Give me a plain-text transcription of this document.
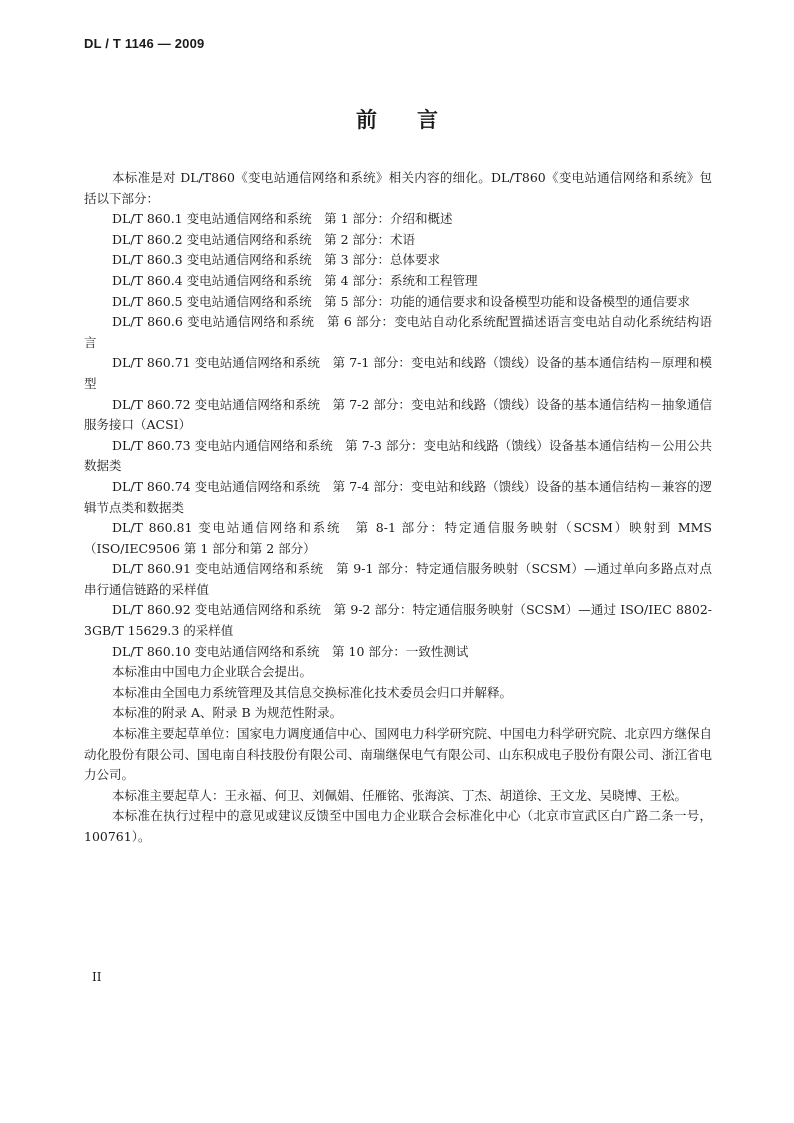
DL / T 1146 — 2009
前言

本标准是对 DL/T860《变电站通信网络和系统》相关内容的细化。DL/T860《变电站通信网络和系统》包括以下部分：

DL/T 860.1 变电站通信网络和系统　第 1 部分：介绍和概述

DL/T 860.2 变电站通信网络和系统　第 2 部分：术语

DL/T 860.3 变电站通信网络和系统　第 3 部分：总体要求

DL/T 860.4 变电站通信网络和系统　第 4 部分：系统和工程管理

DL/T 860.5 变电站通信网络和系统　第 5 部分：功能的通信要求和设备模型功能和设备模型的通信要求

DL/T 860.6 变电站通信网络和系统　第 6 部分：变电站自动化系统配置描述语言变电站自动化系统结构语言

DL/T 860.71 变电站通信网络和系统　第 7-1 部分：变电站和线路（馈线）设备的基本通信结构－原理和模型

DL/T 860.72 变电站通信网络和系统　第 7-2 部分：变电站和线路（馈线）设备的基本通信结构－抽象通信服务接口（ACSI）

DL/T 860.73 变电站内通信网络和系统　第 7-3 部分：变电站和线路（馈线）设备基本通信结构－公用公共数据类

DL/T 860.74 变电站通信网络和系统　第 7-4 部分：变电站和线路（馈线）设备的基本通信结构－兼容的逻辑节点类和数据类

DL/T 860.81 变电站通信网络和系统　第 8-1 部分：特定通信服务映射（SCSM）映射到 MMS（ISO/IEC9506 第 1 部分和第 2 部分）

DL/T 860.91 变电站通信网络和系统　第 9-1 部分：特定通信服务映射（SCSM）—通过单向多路点对点串行通信链路的采样值

DL/T 860.92 变电站通信网络和系统　第 9-2 部分：特定通信服务映射（SCSM）—通过 ISO/IEC 8802-3GB/T 15629.3 的采样值

DL/T 860.10 变电站通信网络和系统　第 10 部分：一致性测试

本标准由中国电力企业联合会提出。

本标准由全国电力系统管理及其信息交换标准化技术委员会归口并解释。

本标准的附录 A、附录 B 为规范性附录。

本标准主要起草单位：国家电力调度通信中心、国网电力科学研究院、中国电力科学研究院、北京四方继保自动化股份有限公司、国电南自科技股份有限公司、南瑞继保电气有限公司、山东积成电子股份有限公司、浙江省电力公司。

本标准主要起草人：王永福、何卫、刘佩娟、任雁铭、张海滨、丁杰、胡道徐、王文龙、吴晓博、王松。

本标准在执行过程中的意见或建议反馈至中国电力企业联合会标准化中心（北京市宣武区白广路二条一号，100761）。

II
